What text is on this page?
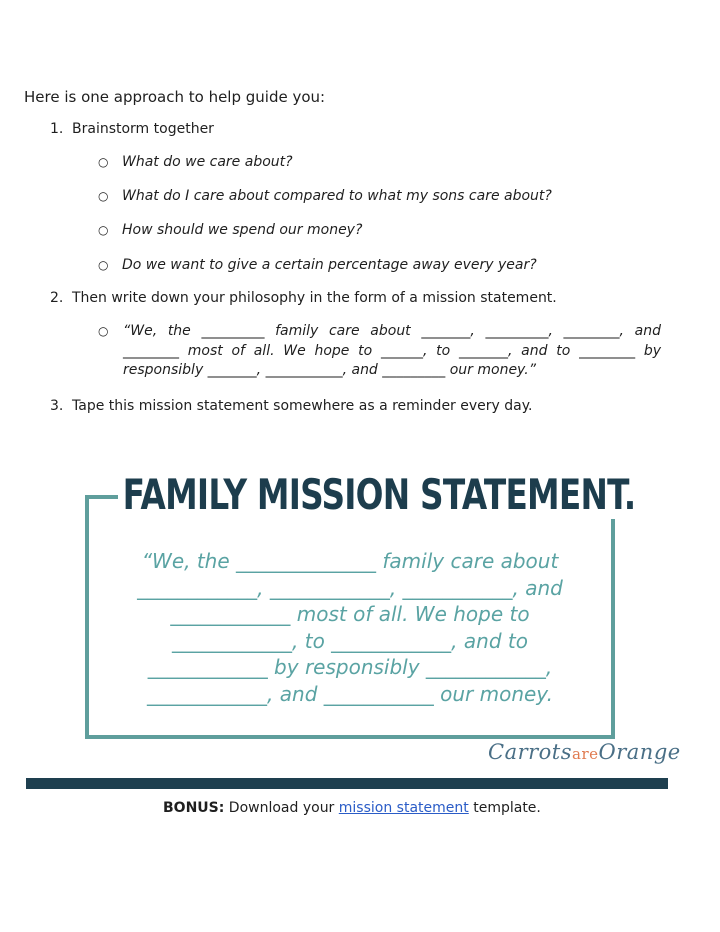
Here is one approach to help guide you:
1. Brainstorm together
○ What do we care about?
○ What do I care about compared to what my sons care about?
○ How should we spend our money?
○ Do we want to give a certain percentage away every year?
2. Then write down your philosophy in the form of a mission statement.
○ “We, the _________ family care about _______, _________, ________, and ________ most of all. We hope to ______, to _______, and to ________ by responsibly _______, ___________, and _________ our money.”
3. Tape this mission statement somewhere as a reminder every day.
FAMILY MISSION STATEMENT.
“We, the ______________ family care about ____________, ____________, ___________, and ____________ most of all. We hope to ____________, to ____________, and to ____________ by responsibly ____________, ____________, and ___________ our money.
CarrotsareOrange
BONUS: Download your mission statement template.
